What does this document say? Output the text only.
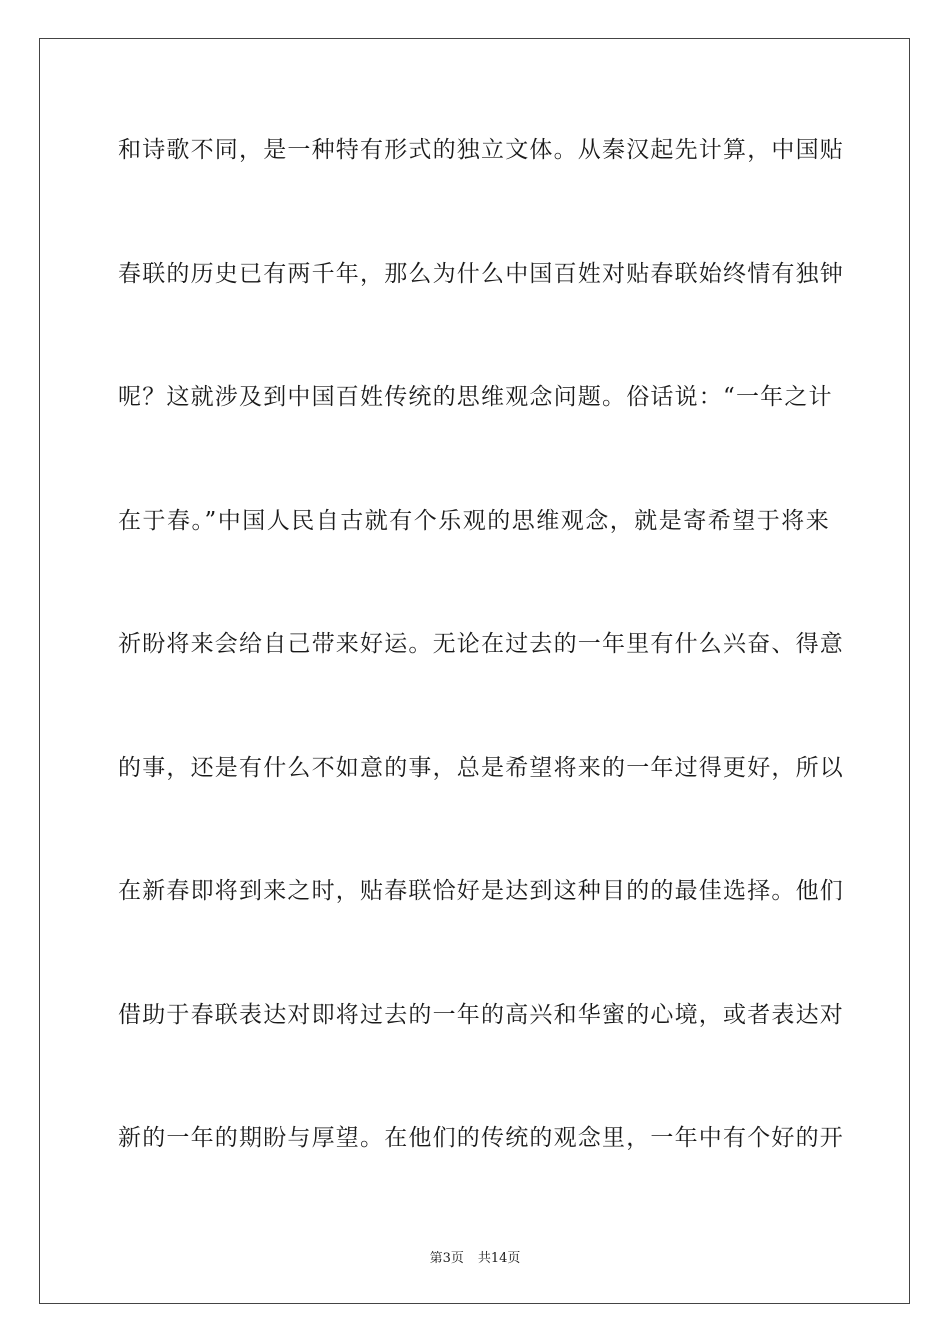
和诗歌不同，是一种特有形式的独立文体。从秦汉起先计算，中国贴
春联的历史已有两千年，那么为什么中国百姓对贴春联始终情有独钟
呢？这就涉及到中国百姓传统的思维观念问题。俗话说：“一年之计
在于春。”中国人民自古就有个乐观的思维观念，就是寄希望于将来
祈盼将来会给自己带来好运。无论在过去的一年里有什么兴奋、得意
的事，还是有什么不如意的事，总是希望将来的一年过得更好，所以
在新春即将到来之时，贴春联恰好是达到这种目的的最佳选择。他们
借助于春联表达对即将过去的一年的高兴和华蜜的心境，或者表达对
新的一年的期盼与厚望。在他们的传统的观念里，一年中有个好的开
第3页 共14页
